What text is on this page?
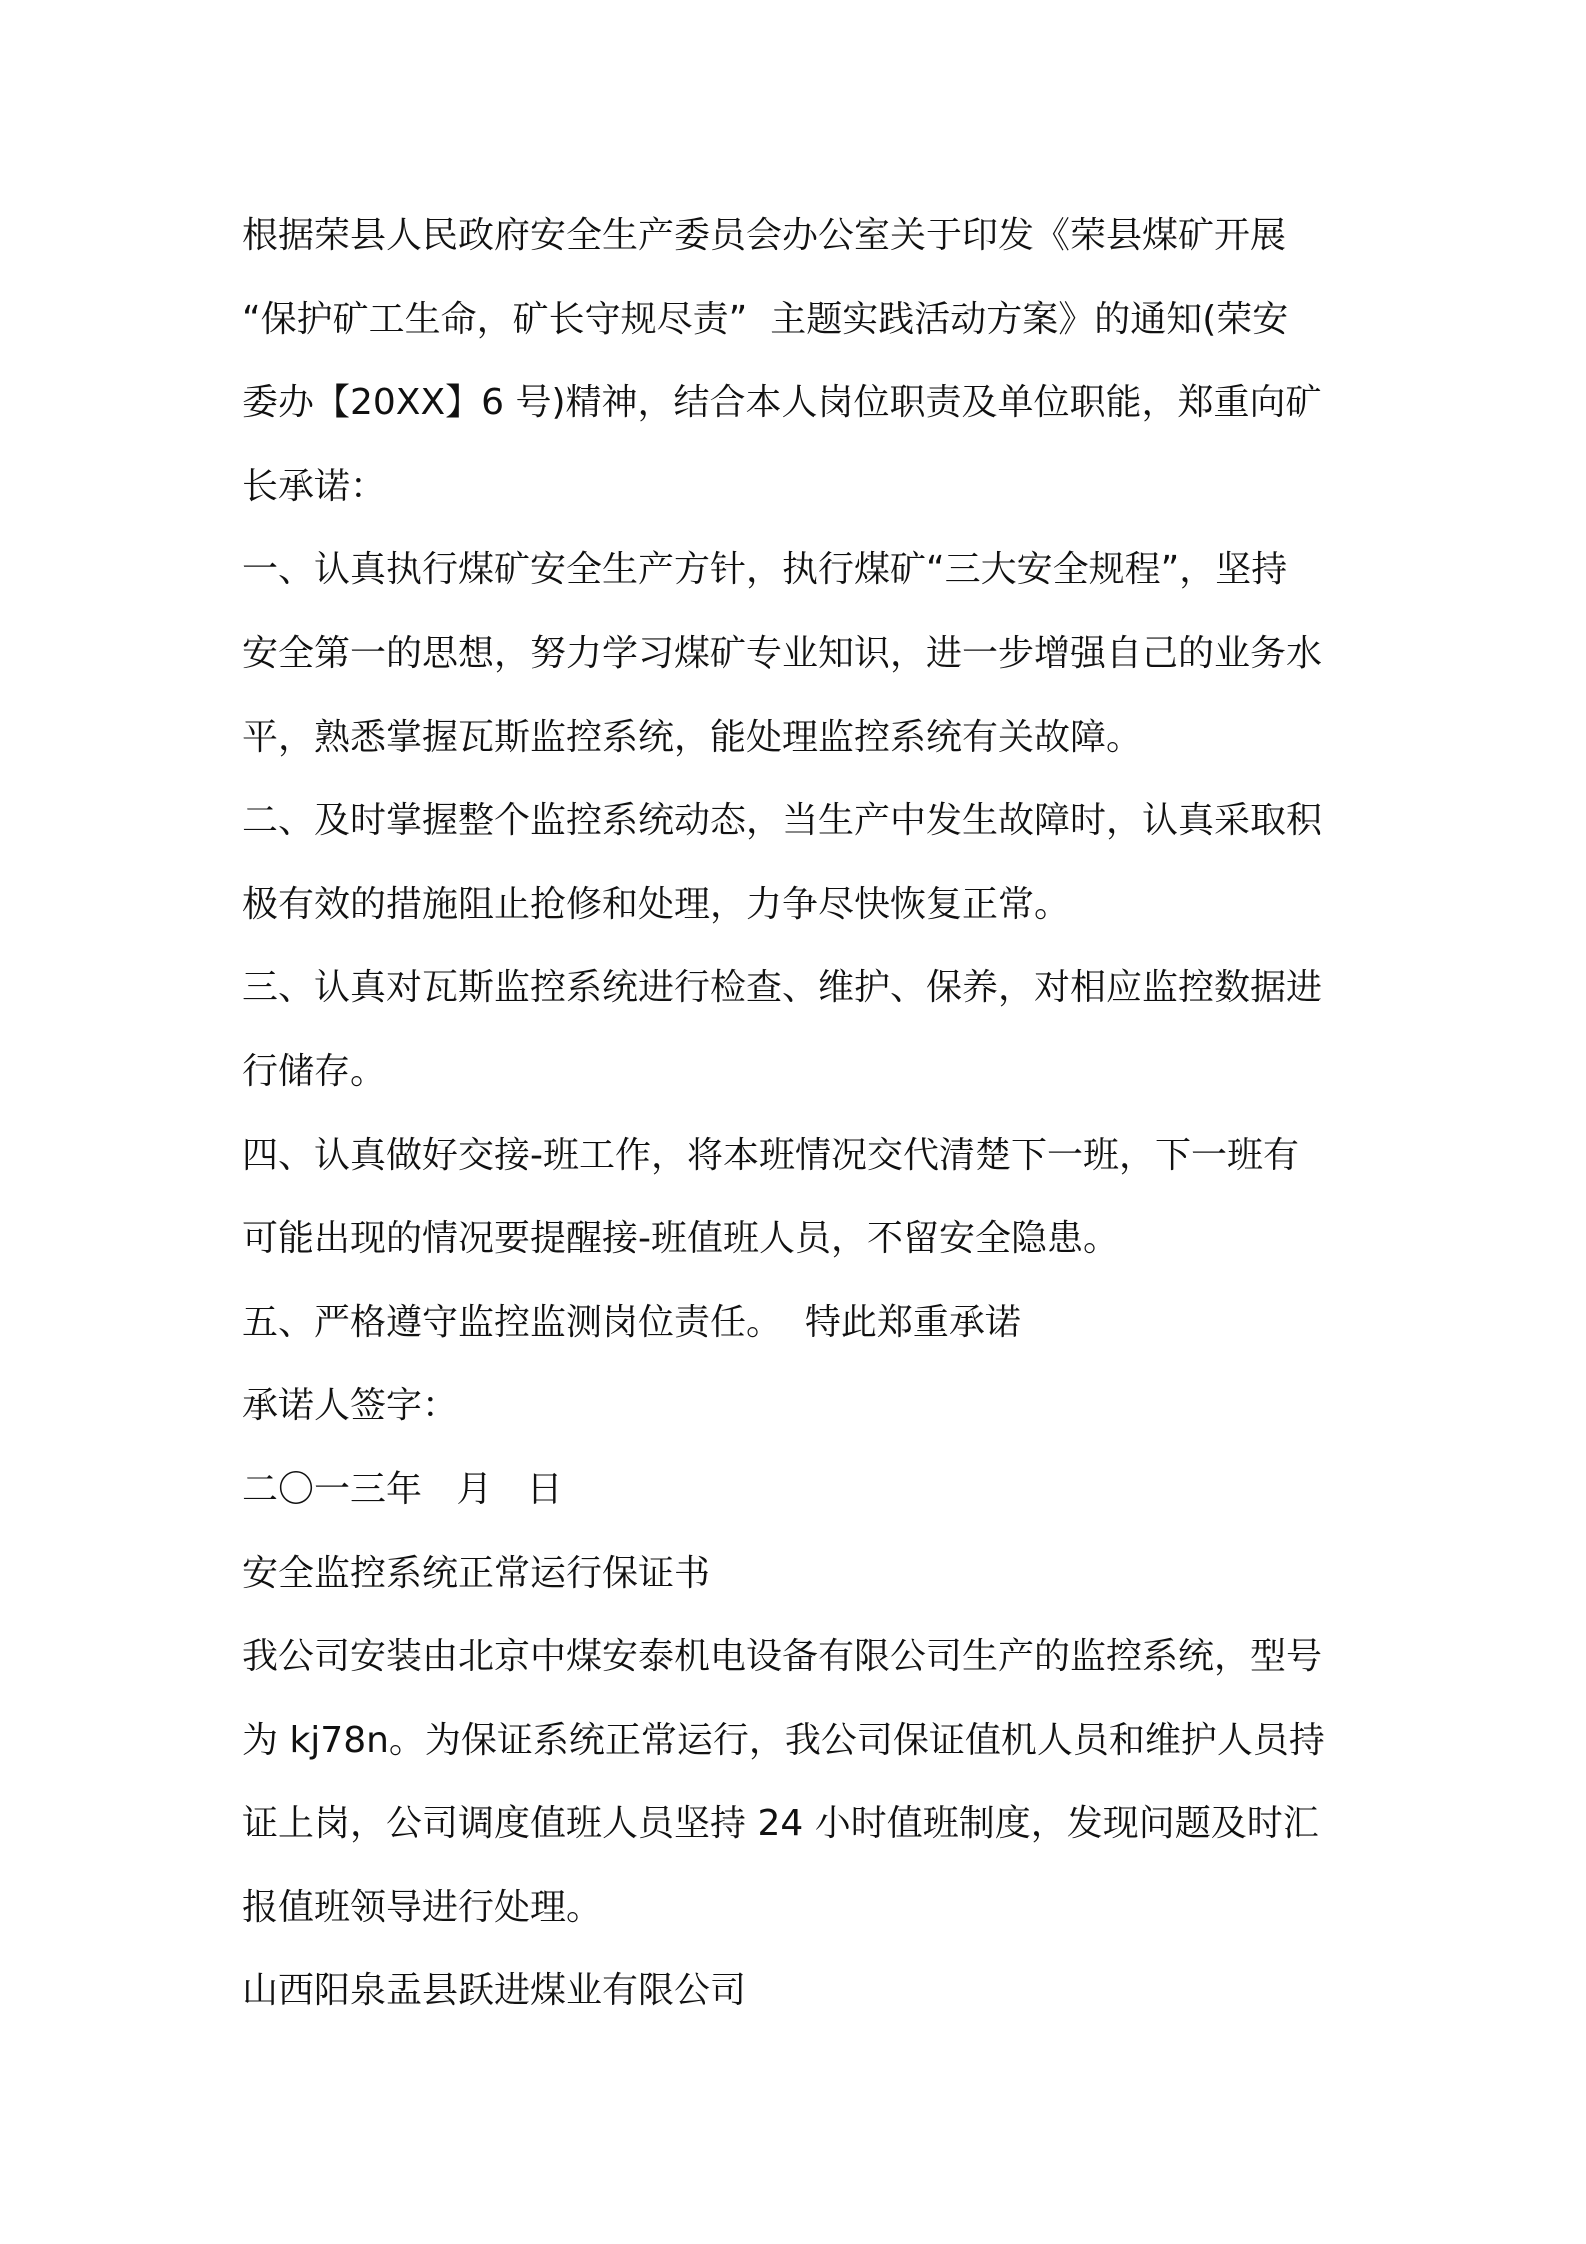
根据荣县人民政府安全生产委员会办公室关于印发《荣县煤矿开展
“保护矿工生命，矿长守规尽责”  主题实践活动方案》的通知(荣安
委办【20XX】6 号)精神，结合本人岗位职责及单位职能，郑重向矿
长承诺：
一、认真执行煤矿安全生产方针，执行煤矿“三大安全规程”，坚持
安全第一的思想，努力学习煤矿专业知识，进一步增强自己的业务水
平，熟悉掌握瓦斯监控系统，能处理监控系统有关故障。
二、及时掌握整个监控系统动态，当生产中发生故障时，认真采取积
极有效的措施阻止抢修和处理，力争尽快恢复正常。
三、认真对瓦斯监控系统进行检查、维护、保养，对相应监控数据进
行储存。
四、认真做好交接-班工作，将本班情况交代清楚下一班，下一班有
可能出现的情况要提醒接-班值班人员，不留安全隐患。
五、严格遵守监控监测岗位责任。  特此郑重承诺
承诺人签字：
二〇一三年   月   日
安全监控系统正常运行保证书
我公司安装由北京中煤安泰机电设备有限公司生产的监控系统，型号
为 kj78n。为保证系统正常运行，我公司保证值机人员和维护人员持
证上岗，公司调度值班人员坚持 24 小时值班制度，发现问题及时汇
报值班领导进行处理。
山西阳泉盂县跃进煤业有限公司
